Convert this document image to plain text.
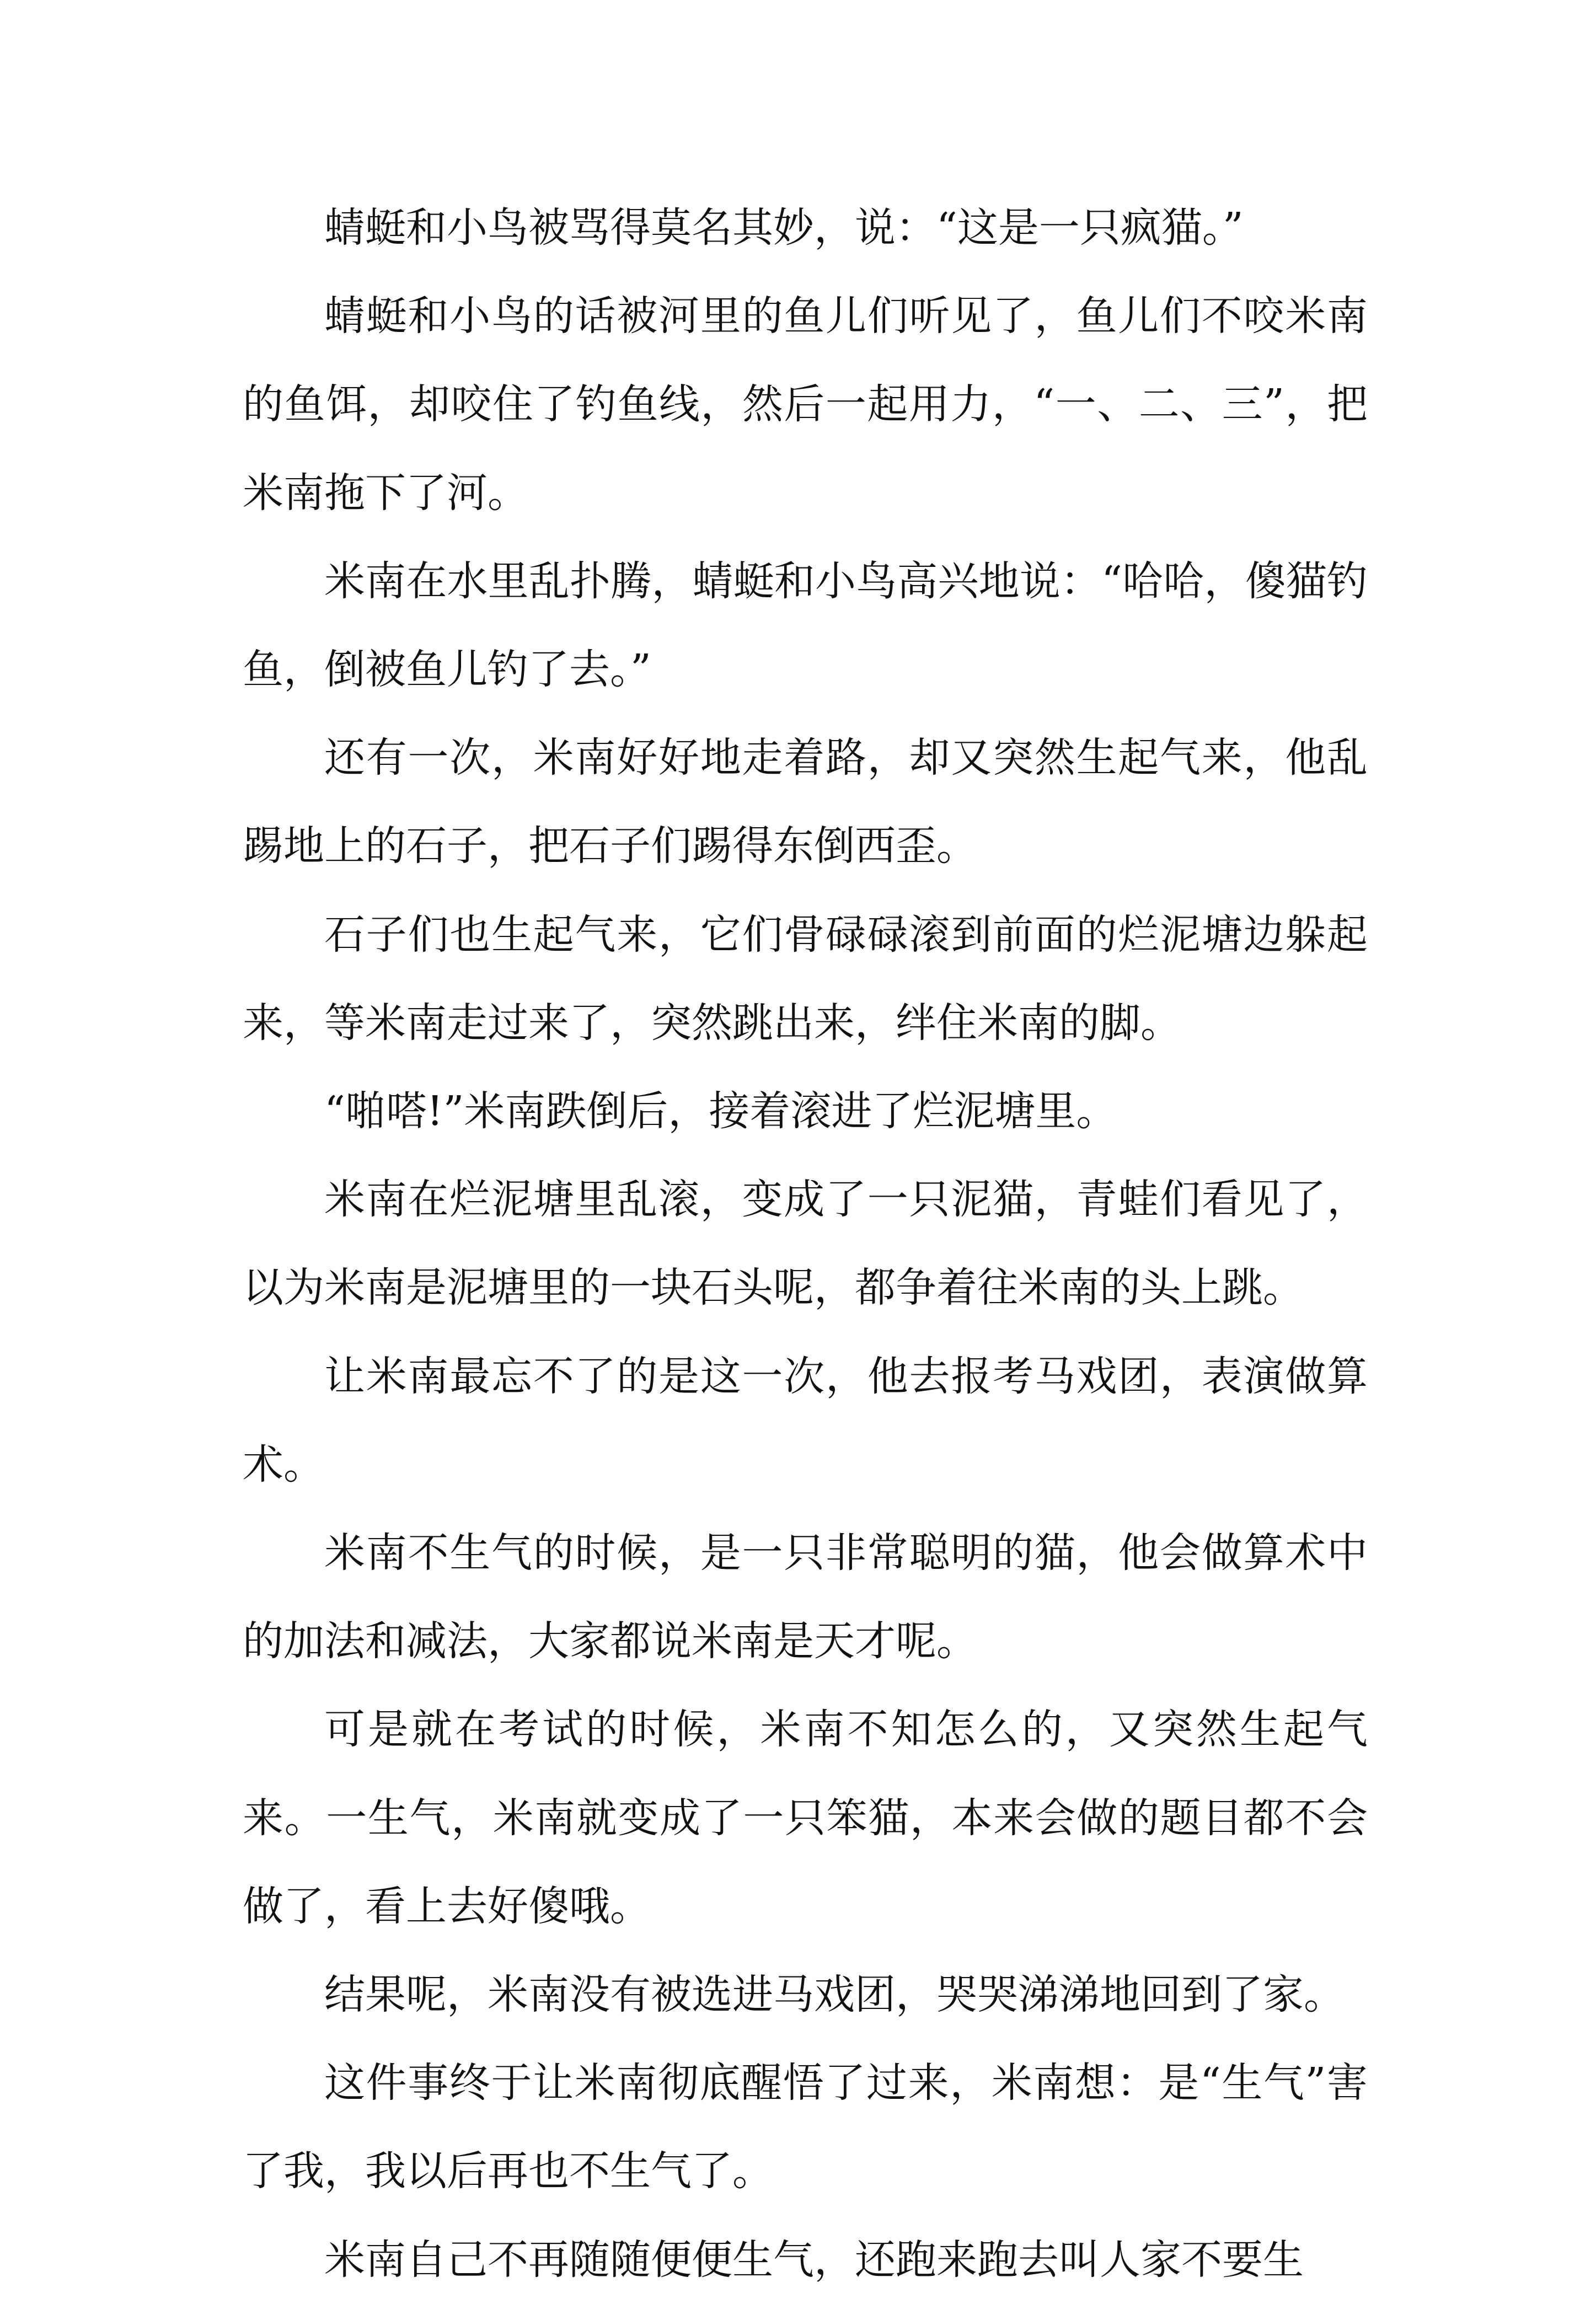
蜻蜓和小鸟被骂得莫名其妙，说：“这是一只疯猫。”

蜻蜓和小鸟的话被河里的鱼儿们听见了，鱼儿们不咬米南的鱼饵，却咬住了钓鱼线，然后一起用力，“一、二、三”，把米南拖下了河。

米南在水里乱扑腾，蜻蜓和小鸟高兴地说：“哈哈，傻猫钓鱼，倒被鱼儿钓了去。”

还有一次，米南好好地走着路，却又突然生起气来，他乱踢地上的石子，把石子们踢得东倒西歪。

石子们也生起气来，它们骨碌碌滚到前面的烂泥塘边躲起来，等米南走过来了，突然跳出来，绊住米南的脚。

“啪嗒!”米南跌倒后，接着滚进了烂泥塘里。

米南在烂泥塘里乱滚，变成了一只泥猫，青蛙们看见了，以为米南是泥塘里的一块石头呢，都争着往米南的头上跳。

让米南最忘不了的是这一次，他去报考马戏团，表演做算术。

米南不生气的时候，是一只非常聪明的猫，他会做算术中的加法和减法，大家都说米南是天才呢。

可是就在考试的时候，米南不知怎么的，又突然生起气来。一生气，米南就变成了一只笨猫，本来会做的题目都不会做了，看上去好傻哦。

结果呢，米南没有被选进马戏团，哭哭涕涕地回到了家。

这件事终于让米南彻底醒悟了过来，米南想：是“生气”害了我，我以后再也不生气了。

米南自己不再随随便便生气，还跑来跑去叫人家不要生
